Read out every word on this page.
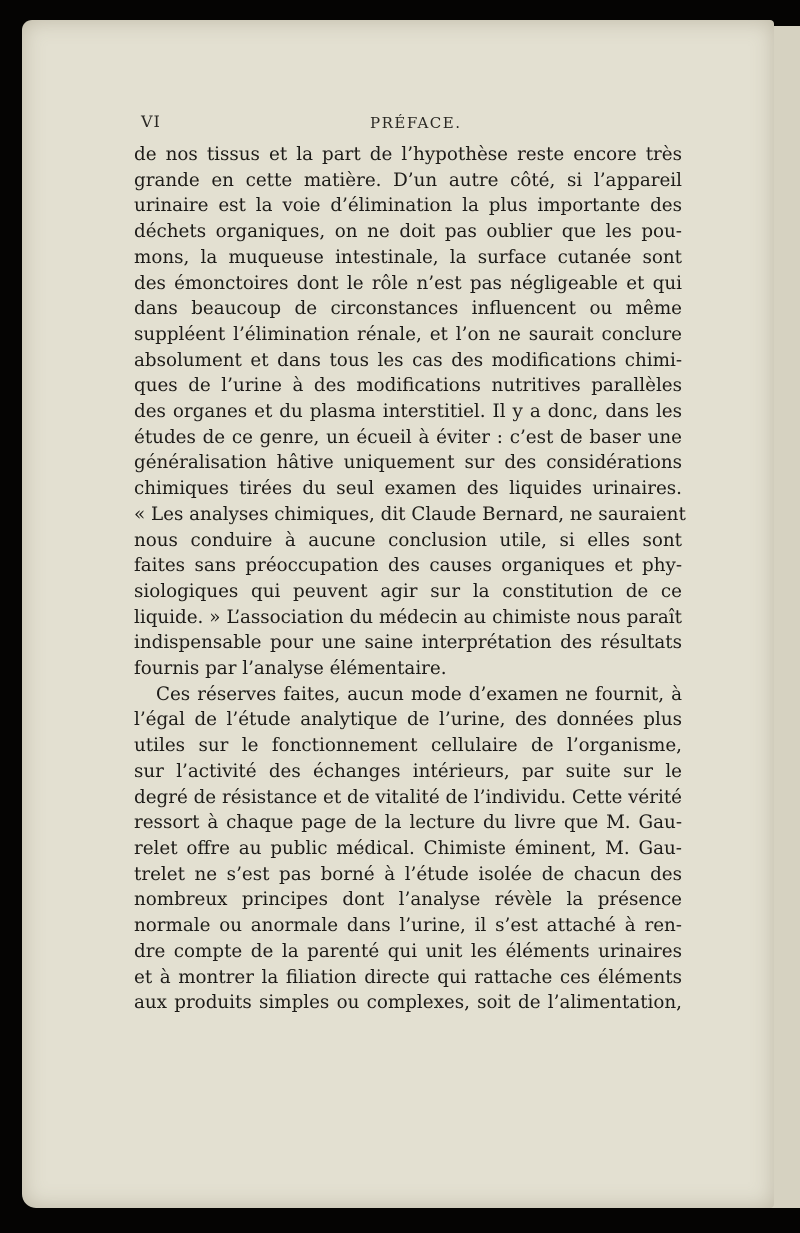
VI	PRÉFACE.
de nos tissus et la part de l’hypothèse reste encore très
grande en cette matière. D’un autre côté, si l’appareil
urinaire est la voie d’élimination la plus importante des
déchets organiques, on ne doit pas oublier que les pou-
mons, la muqueuse intestinale, la surface cutanée sont
des émonctoires dont le rôle n’est pas négligeable et qui
dans beaucoup de circonstances influencent ou même
suppléent l’élimination rénale, et l’on ne saurait conclure
absolument et dans tous les cas des modifications chimi-
ques de l’urine à des modifications nutritives parallèles
des organes et du plasma interstitiel. Il y a donc, dans les
études de ce genre, un écueil à éviter : c’est de baser une
généralisation hâtive uniquement sur des considérations
chimiques tirées du seul examen des liquides urinaires.
« Les analyses chimiques, dit Claude Bernard, ne sauraient
nous conduire à aucune conclusion utile, si elles sont
faites sans préoccupation des causes organiques et phy-
siologiques qui peuvent agir sur la constitution de ce
liquide. » L’association du médecin au chimiste nous paraît
indispensable pour une saine interprétation des résultats
fournis par l’analyse élémentaire.
Ces réserves faites, aucun mode d’examen ne fournit, à
l’égal de l’étude analytique de l’urine, des données plus
utiles sur le fonctionnement cellulaire de l’organisme,
sur l’activité des échanges intérieurs, par suite sur le
degré de résistance et de vitalité de l’individu. Cette vérité
ressort à chaque page de la lecture du livre que M. Gau-
relet offre au public médical. Chimiste éminent, M. Gau-
trelet ne s’est pas borné à l’étude isolée de chacun des
nombreux principes dont l’analyse révèle la présence
normale ou anormale dans l’urine, il s’est attaché à ren-
dre compte de la parenté qui unit les éléments urinaires
et à montrer la filiation directe qui rattache ces éléments
aux produits simples ou complexes, soit de l’alimentation,
